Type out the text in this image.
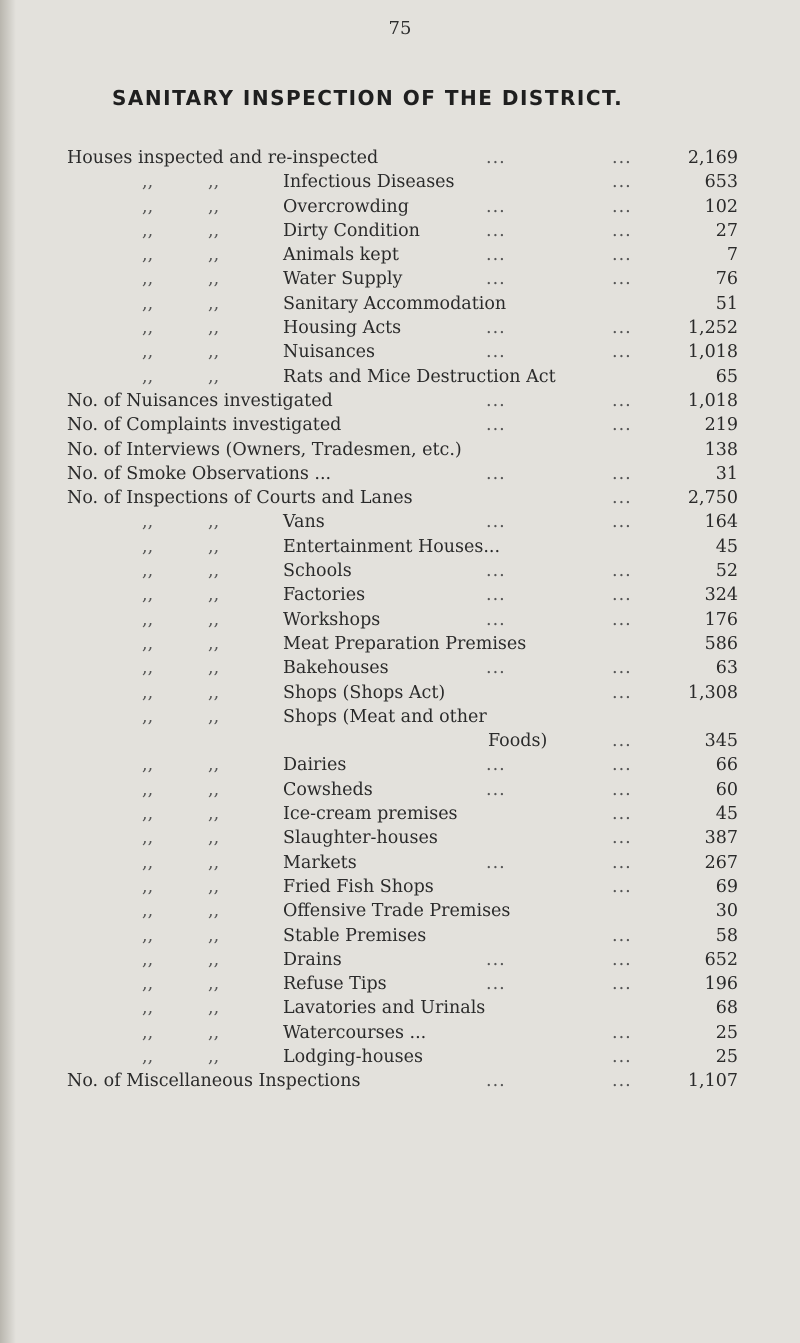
75
SANITARY INSPECTION OF THE DISTRICT.
Houses inspected and re-inspected	...	...	2,169
,,	,,	Infectious Diseases	...	653
,,	,,	Overcrowding	...	...	102
,,	,,	Dirty Condition	...	...	27
,,	,,	Animals kept	...	...	7
,,	,,	Water Supply	...	...	76
,,	,,	Sanitary Accommodation	51
,,	,,	Housing Acts	...	...	1,252
,,	,,	Nuisances	...	...	1,018
,,	,,	Rats and Mice Destruction Act	65
No. of Nuisances investigated	...	...	1,018
No. of Complaints investigated	...	...	219
No. of Interviews (Owners, Tradesmen, etc.)	138
No. of Smoke Observations ...	...	...	31
No. of Inspections of Courts and Lanes	...	2,750
,,	,,	Vans	...	...	164
,,	,,	Entertainment Houses...	45
,,	,,	Schools	...	...	52
,,	,,	Factories	...	...	324
,,	,,	Workshops	...	...	176
,,	,,	Meat Preparation Premises	586
,,	,,	Bakehouses	...	...	63
,,	,,	Shops (Shops Act)	...	1,308
,,	,,	Shops (Meat and other
Foods)	...	345
,,	,,	Dairies	...	...	66
,,	,,	Cowsheds	...	...	60
,,	,,	Ice-cream premises	...	45
,,	,,	Slaughter-houses	...	387
,,	,,	Markets	...	...	267
,,	,,	Fried Fish Shops	...	69
,,	,,	Offensive Trade Premises	30
,,	,,	Stable Premises	...	58
,,	,,	Drains	...	...	652
,,	,,	Refuse Tips	...	...	196
,,	,,	Lavatories and Urinals	68
,,	,,	Watercourses ...	...	25
,,	,,	Lodging-houses	...	25
No. of Miscellaneous Inspections	...	...	1,107
